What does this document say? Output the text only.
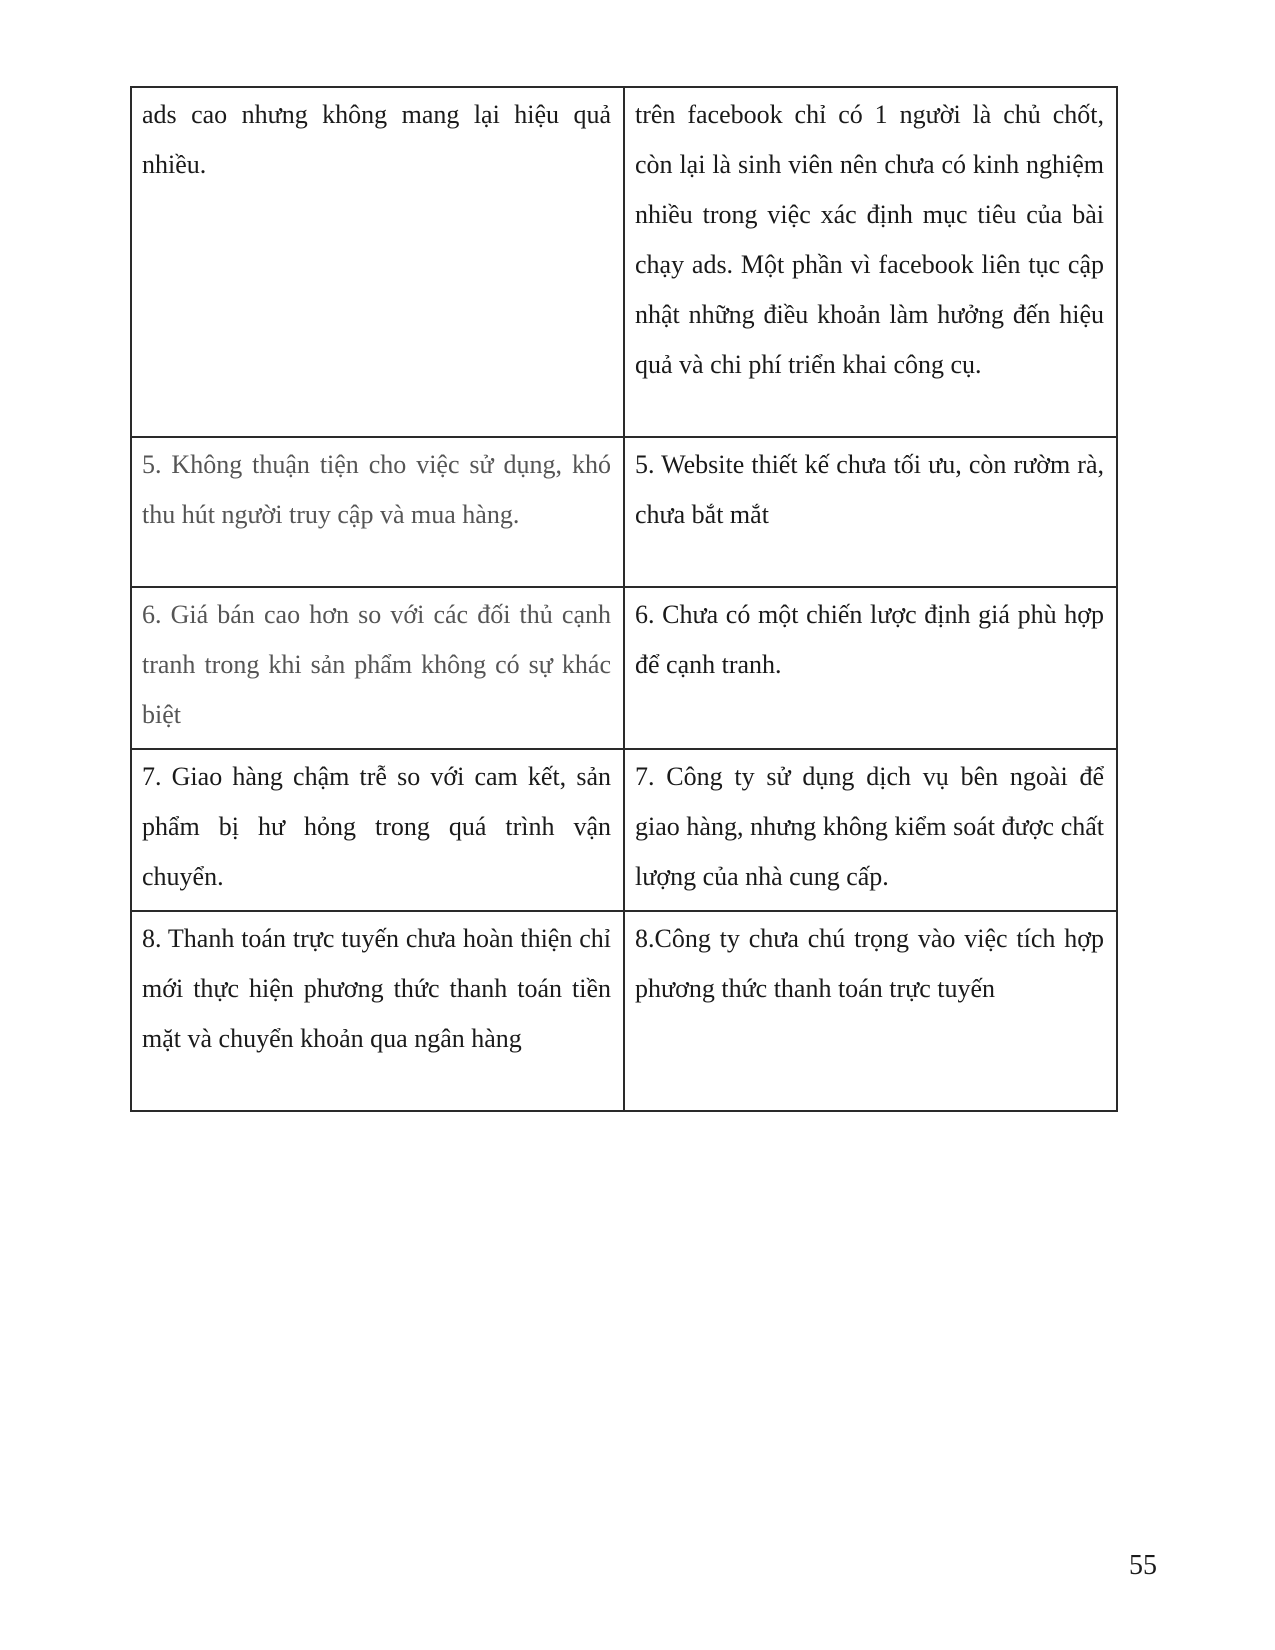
ads cao nhưng không mang lại hiệu quả nhiều.	trên facebook chỉ có 1 người là chủ chốt, còn lại là sinh viên nên chưa có kinh nghiệm nhiều trong việc xác định mục tiêu của bài chạy ads. Một phần vì facebook liên tục cập nhật những điều khoản làm hưởng đến hiệu quả và chi phí triển khai công cụ.
5. Không thuận tiện cho việc sử dụng, khó thu hút người truy cập và mua hàng.	5. Website thiết kế chưa tối ưu, còn rườm rà, chưa bắt mắt
6. Giá bán cao hơn so với các đối thủ cạnh tranh trong khi sản phẩm không có sự khác biệt	6. Chưa có một chiến lược định giá phù hợp để cạnh tranh.
7. Giao hàng chậm trễ so với cam kết, sản phẩm bị hư hỏng trong quá trình vận chuyển.	7. Công ty sử dụng dịch vụ bên ngoài để giao hàng, nhưng không kiểm soát được chất lượng của nhà cung cấp.
8. Thanh toán trực tuyến chưa hoàn thiện chỉ mới thực hiện phương thức thanh toán tiền mặt và chuyển khoản qua ngân hàng	8.Công ty chưa chú trọng vào việc tích hợp phương thức thanh toán trực tuyến
55
